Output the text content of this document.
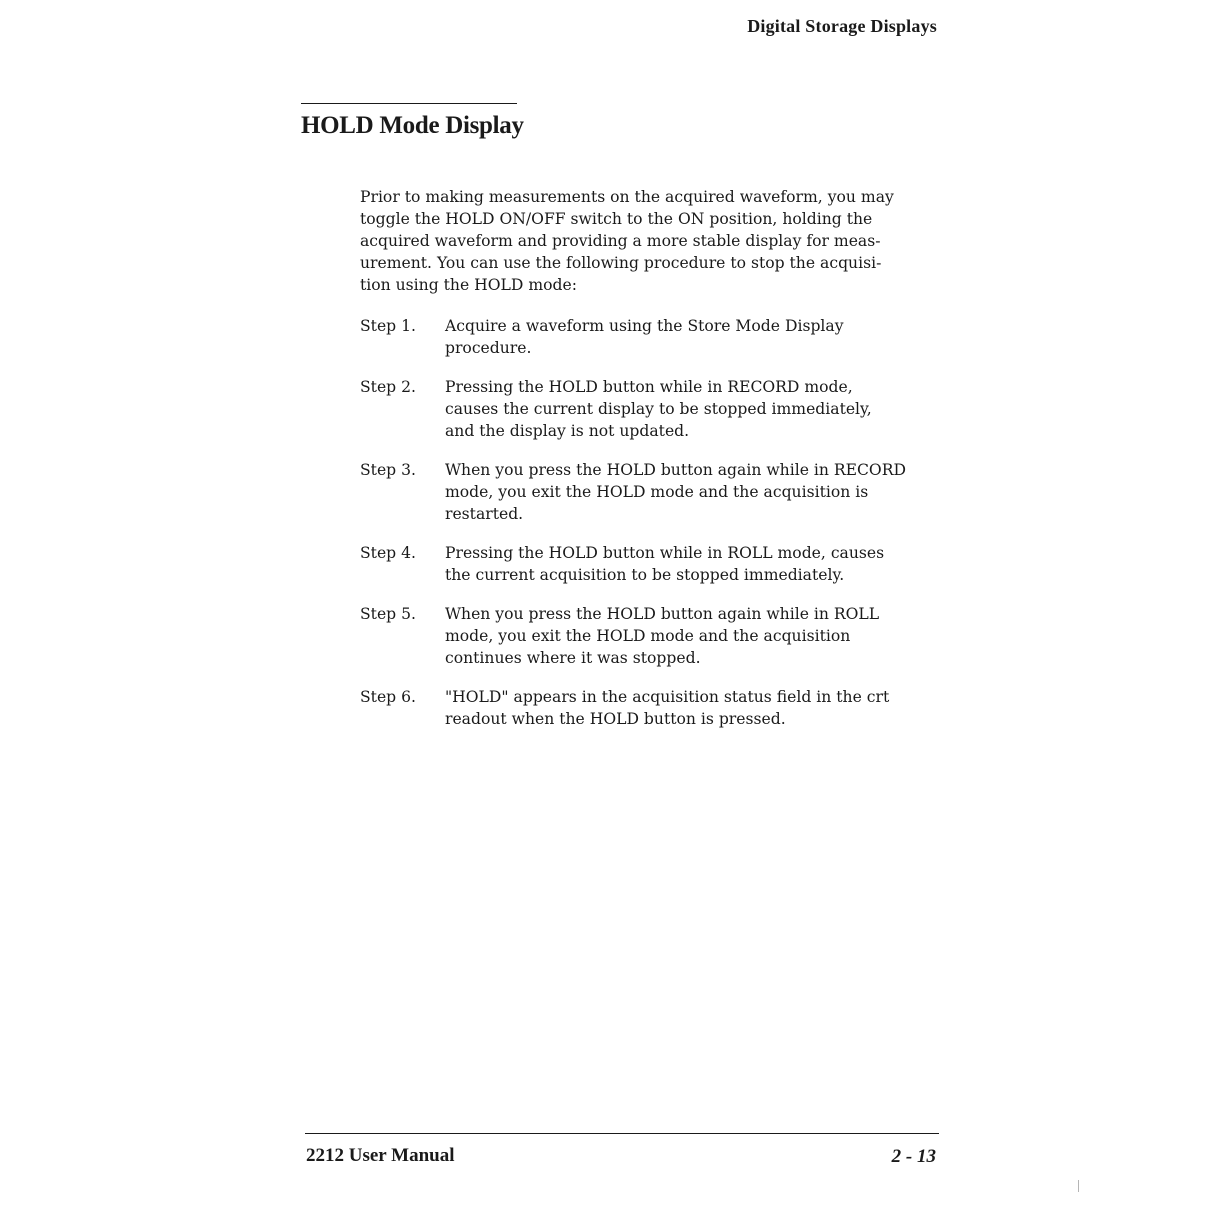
Digital Storage Displays
HOLD Mode Display

Prior to making measurements on the acquired waveform, you may
toggle the HOLD ON/OFF switch to the ON position, holding the
acquired waveform and providing a more stable display for meas-
urement. You can use the following procedure to stop the acquisi-
tion using the HOLD mode:

Step 1.	Acquire a waveform using the Store Mode Display
procedure.
Step 2.	Pressing the HOLD button while in RECORD mode,
causes the current display to be stopped immediately,
and the display is not updated.
Step 3.	When you press the HOLD button again while in RECORD
mode, you exit the HOLD mode and the acquisition is
restarted.
Step 4.	Pressing the HOLD button while in ROLL mode, causes
the current acquisition to be stopped immediately.
Step 5.	When you press the HOLD button again while in ROLL
mode, you exit the HOLD mode and the acquisition
continues where it was stopped.
Step 6.	"HOLD" appears in the acquisition status field in the crt
readout when the HOLD button is pressed.
2212 User Manual	2 - 13
